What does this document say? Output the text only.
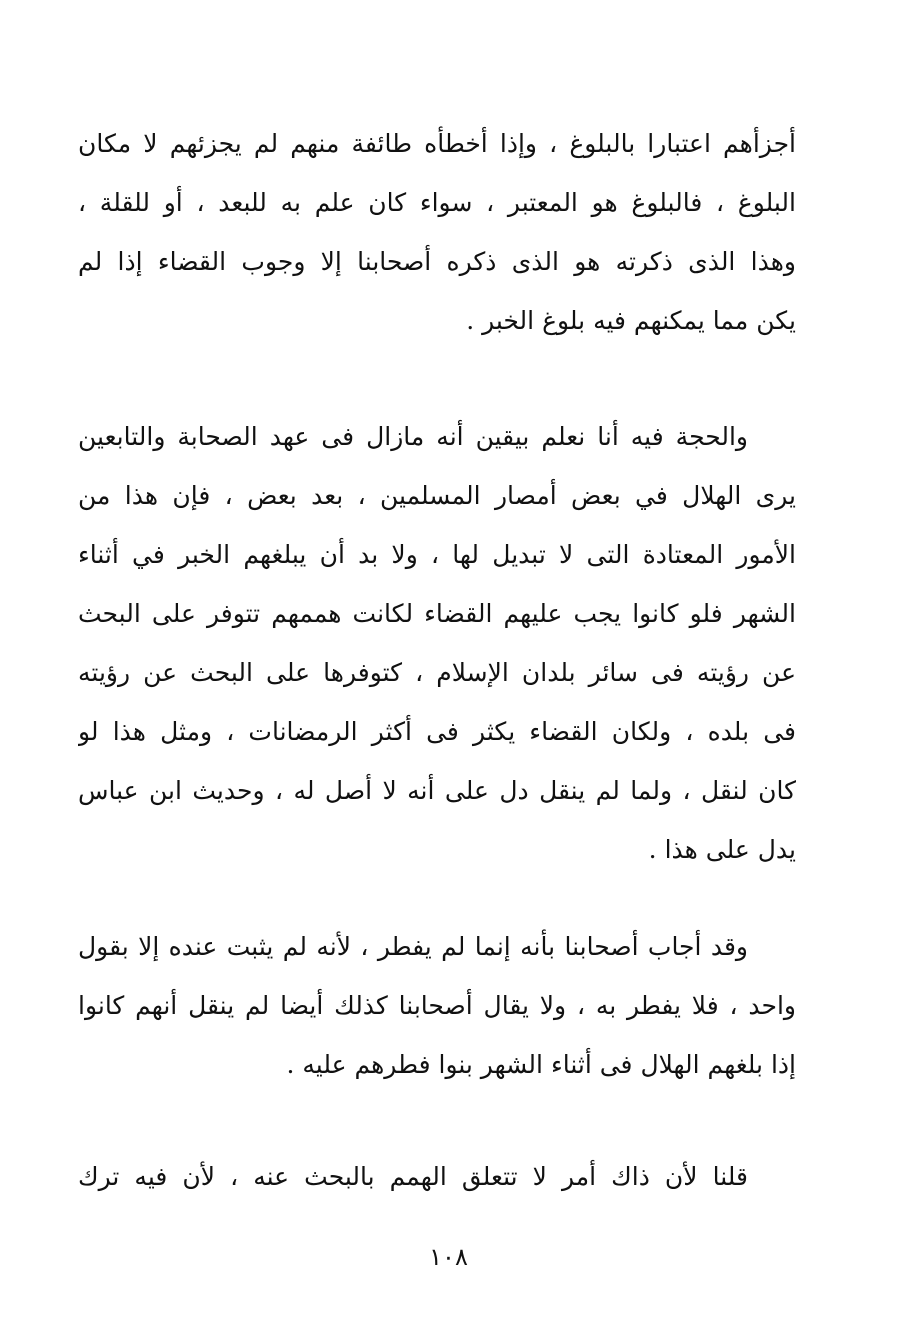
أجزأهم اعتبارا بالبلوغ ، وإذا أخطأه طائفة منهم لم يجزئهم لا مكان
البلوغ ، فالبلوغ هو المعتبر ، سواء كان علم به للبعد ، أو للقلة ،
وهذا الذى ذكرته هو الذى ذكره أصحابنا إلا وجوب القضاء إذا لم
يكن مما يمكنهم فيه بلوغ الخبر .
والحجة فيه أنا نعلم بيقين أنه مازال فى عهد الصحابة والتابعين
يرى الهلال في بعض أمصار المسلمين ، بعد بعض ، فإن هذا من
الأمور المعتادة التى لا تبديل لها ، ولا بد أن يبلغهم الخبر في أثناء
الشهر فلو كانوا يجب عليهم القضاء لكانت هممهم تتوفر على البحث
عن رؤيته فى سائر بلدان الإسلام ، كتوفرها على البحث عن رؤيته
فى بلده ، ولكان القضاء يكثر فى أكثر الرمضانات ، ومثل هذا لو
كان لنقل ، ولما لم ينقل دل على أنه لا أصل له ، وحديث ابن عباس
يدل على هذا .
وقد أجاب أصحابنا بأنه إنما لم يفطر ، لأنه لم يثبت عنده إلا بقول
واحد ، فلا يفطر به ، ولا يقال أصحابنا كذلك أيضا لم ينقل أنهم كانوا
إذا بلغهم الهلال فى أثناء الشهر بنوا فطرهم عليه .
قلنا لأن ذاك أمر لا تتعلق الهمم بالبحث عنه ، لأن فيه ترك
١٠٨
